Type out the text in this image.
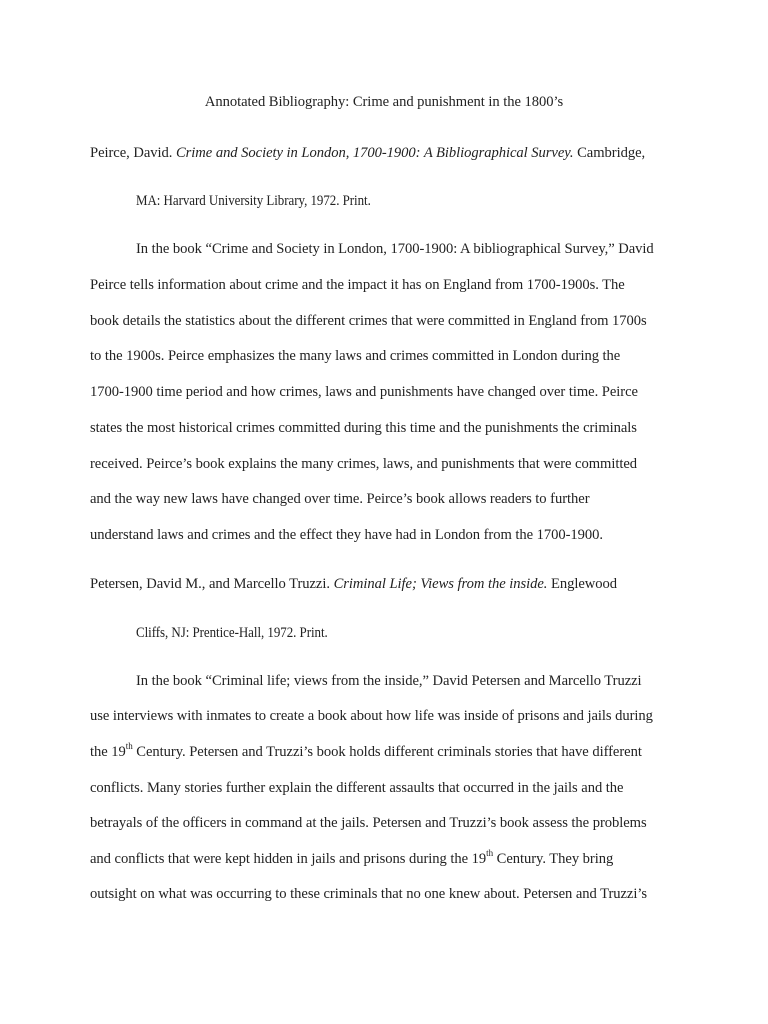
Annotated Bibliography: Crime and punishment in the 1800’s
Peirce, David. Crime and Society in London, 1700-1900: A Bibliographical Survey. Cambridge,
MA: Harvard University Library, 1972. Print.
In the book “Crime and Society in London, 1700-1900: A bibliographical Survey,” David
Peirce tells information about crime and the impact it has on England from 1700-1900s. The
book details the statistics about the different crimes that were committed in England from 1700s
to the 1900s. Peirce emphasizes the many laws and crimes committed in London during the
1700-1900 time period and how crimes, laws and punishments have changed over time. Peirce
states the most historical crimes committed during this time and the punishments the criminals
received. Peirce’s book explains the many crimes, laws, and punishments that were committed
and the way new laws have changed over time. Peirce’s book allows readers to further
understand laws and crimes and the effect they have had in London from the 1700-1900.
Petersen, David M., and Marcello Truzzi. Criminal Life; Views from the inside. Englewood
Cliffs, NJ: Prentice-Hall, 1972. Print.
In the book “Criminal life; views from the inside,” David Petersen and Marcello Truzzi
use interviews with inmates to create a book about how life was inside of prisons and jails during
the 19th Century. Petersen and Truzzi’s book holds different criminals stories that have different
conflicts. Many stories further explain the different assaults that occurred in the jails and the
betrayals of the officers in command at the jails. Petersen and Truzzi’s book assess the problems
and conflicts that were kept hidden in jails and prisons during the 19th Century. They bring
outsight on what was occurring to these criminals that no one knew about. Petersen and Truzzi’s
